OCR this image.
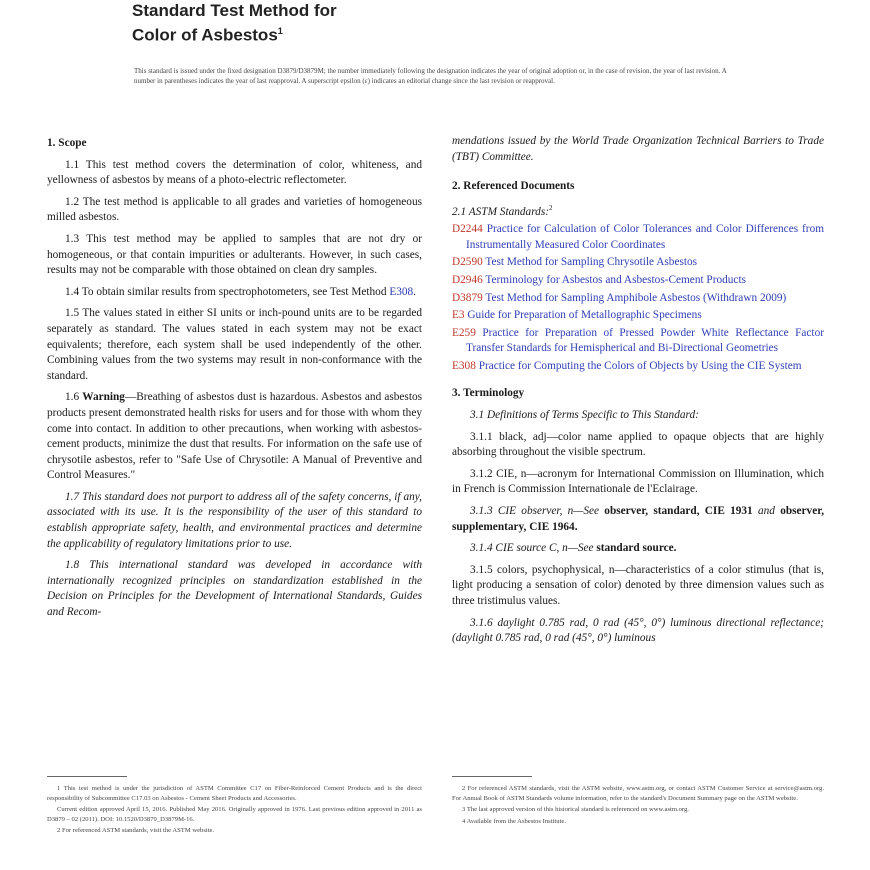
Standard Test Method for
Color of Asbestos$^1$
This standard is issued under the fixed designation D3879/D3879M; the number immediately following the designation indicates the year of original adoption or, in the case of revision, the year of last revision. A number in parentheses indicates the year of last reapproval. A superscript epsilon (ε) indicates an editorial change since the last revision or reapproval.
1. Scope
1.1 This test method covers the determination of color, whiteness, and yellowness of asbestos by means of a photo-electric reflectometer.
1.2 The test method is applicable to all grades and varieties of homogeneous milled asbestos.
1.3 This test method may be applied to samples that are not dry or homogeneous, or that contain impurities or adulterants. However, in such cases, results may not be comparable with those obtained on clean dry samples.
1.4 To obtain similar results from spectrophotometers, see Test Method E308.
1.5 The values stated in either SI units or inch-pound units are to be regarded separately as standard. The values stated in each system may not be exact equivalents; therefore, each system shall be used independently of the other. Combining values from the two systems may result in non-conformance with the standard.
1.6 Warning—Breathing of asbestos dust is hazardous. Asbestos and asbestos products present demonstrated health risks for users and for those with whom they come into contact. In addition to other precautions, when working with asbestos-cement products, minimize the dust that results. For information on the safe use of chrysotile asbestos, refer to "Safe Use of Chrysotile: A Manual of Preventive and Control Measures."
1.7 This standard does not purport to address all of the safety concerns, if any, associated with its use. It is the responsibility of the user of this standard to establish appropriate safety, health, and environmental practices and determine the applicability of regulatory limitations prior to use.
1.8 This international standard was developed in accordance with internationally recognized principles on standardization established in the Decision on Principles for the Development of International Standards, Guides and Recom-
mendations issued by the World Trade Organization Technical Barriers to Trade (TBT) Committee.
2. Referenced Documents
2.1 ASTM Standards:$^2$
D2244 Practice for Calculation of Color Tolerances and Color Differences from Instrumentally Measured Color Coordinates
D2590 Test Method for Sampling Chrysotile Asbestos
D2946 Terminology for Asbestos and Asbestos-Cement Products
D3879 Test Method for Sampling Amphibole Asbestos (Withdrawn 2009)
E3 Guide for Preparation of Metallographic Specimens
E259 Practice for Preparation of Pressed Powder White Reflectance Factor Transfer Standards for Hemispherical and Bi-Directional Geometries
E308 Practice for Computing the Colors of Objects by Using the CIE System
3. Terminology
3.1 Definitions of Terms Specific to This Standard:
3.1.1 black, adj—color name applied to opaque objects that are highly absorbing throughout the visible spectrum.
3.1.2 CIE, n—acronym for International Commission on Illumination, which in French is Commission Internationale de l'Eclairage.
3.1.3 CIE observer, n—See observer, standard, CIE 1931 and observer, supplementary, CIE 1964.
3.1.4 CIE source C, n—See standard source.
3.1.5 colors, psychophysical, n—characteristics of a color stimulus (that is, light producing a sensation of color) denoted by three dimension values such as three tristimulus values.
3.1.6 daylight 0.785 rad, 0 rad (45°, 0°) luminous directional reflectance; (daylight 0.785 rad, 0 rad (45°, 0°) luminous

1 This test method is under the jurisdiction of ASTM Committee C17 on Fiber-Reinforced Cement Products and is the direct responsibility of Subcommittee C17.03 on Asbestos - Cement Sheet Products and Accessories.

Current edition approved April 15, 2016. Published May 2016. Originally approved in 1976. Last previous edition approved in 2011 as D3879 – 02 (2011). DOI: 10.1520/D3879_D3879M-16.

2 For referenced ASTM standards, visit the ASTM website.

2 For referenced ASTM standards, visit the ASTM website, www.astm.org, or contact ASTM Customer Service at service@astm.org. For Annual Book of ASTM Standards volume information, refer to the standard's Document Summary page on the ASTM website.

3 The last approved version of this historical standard is referenced on www.astm.org.

4 Available from the Asbestos Institute.
